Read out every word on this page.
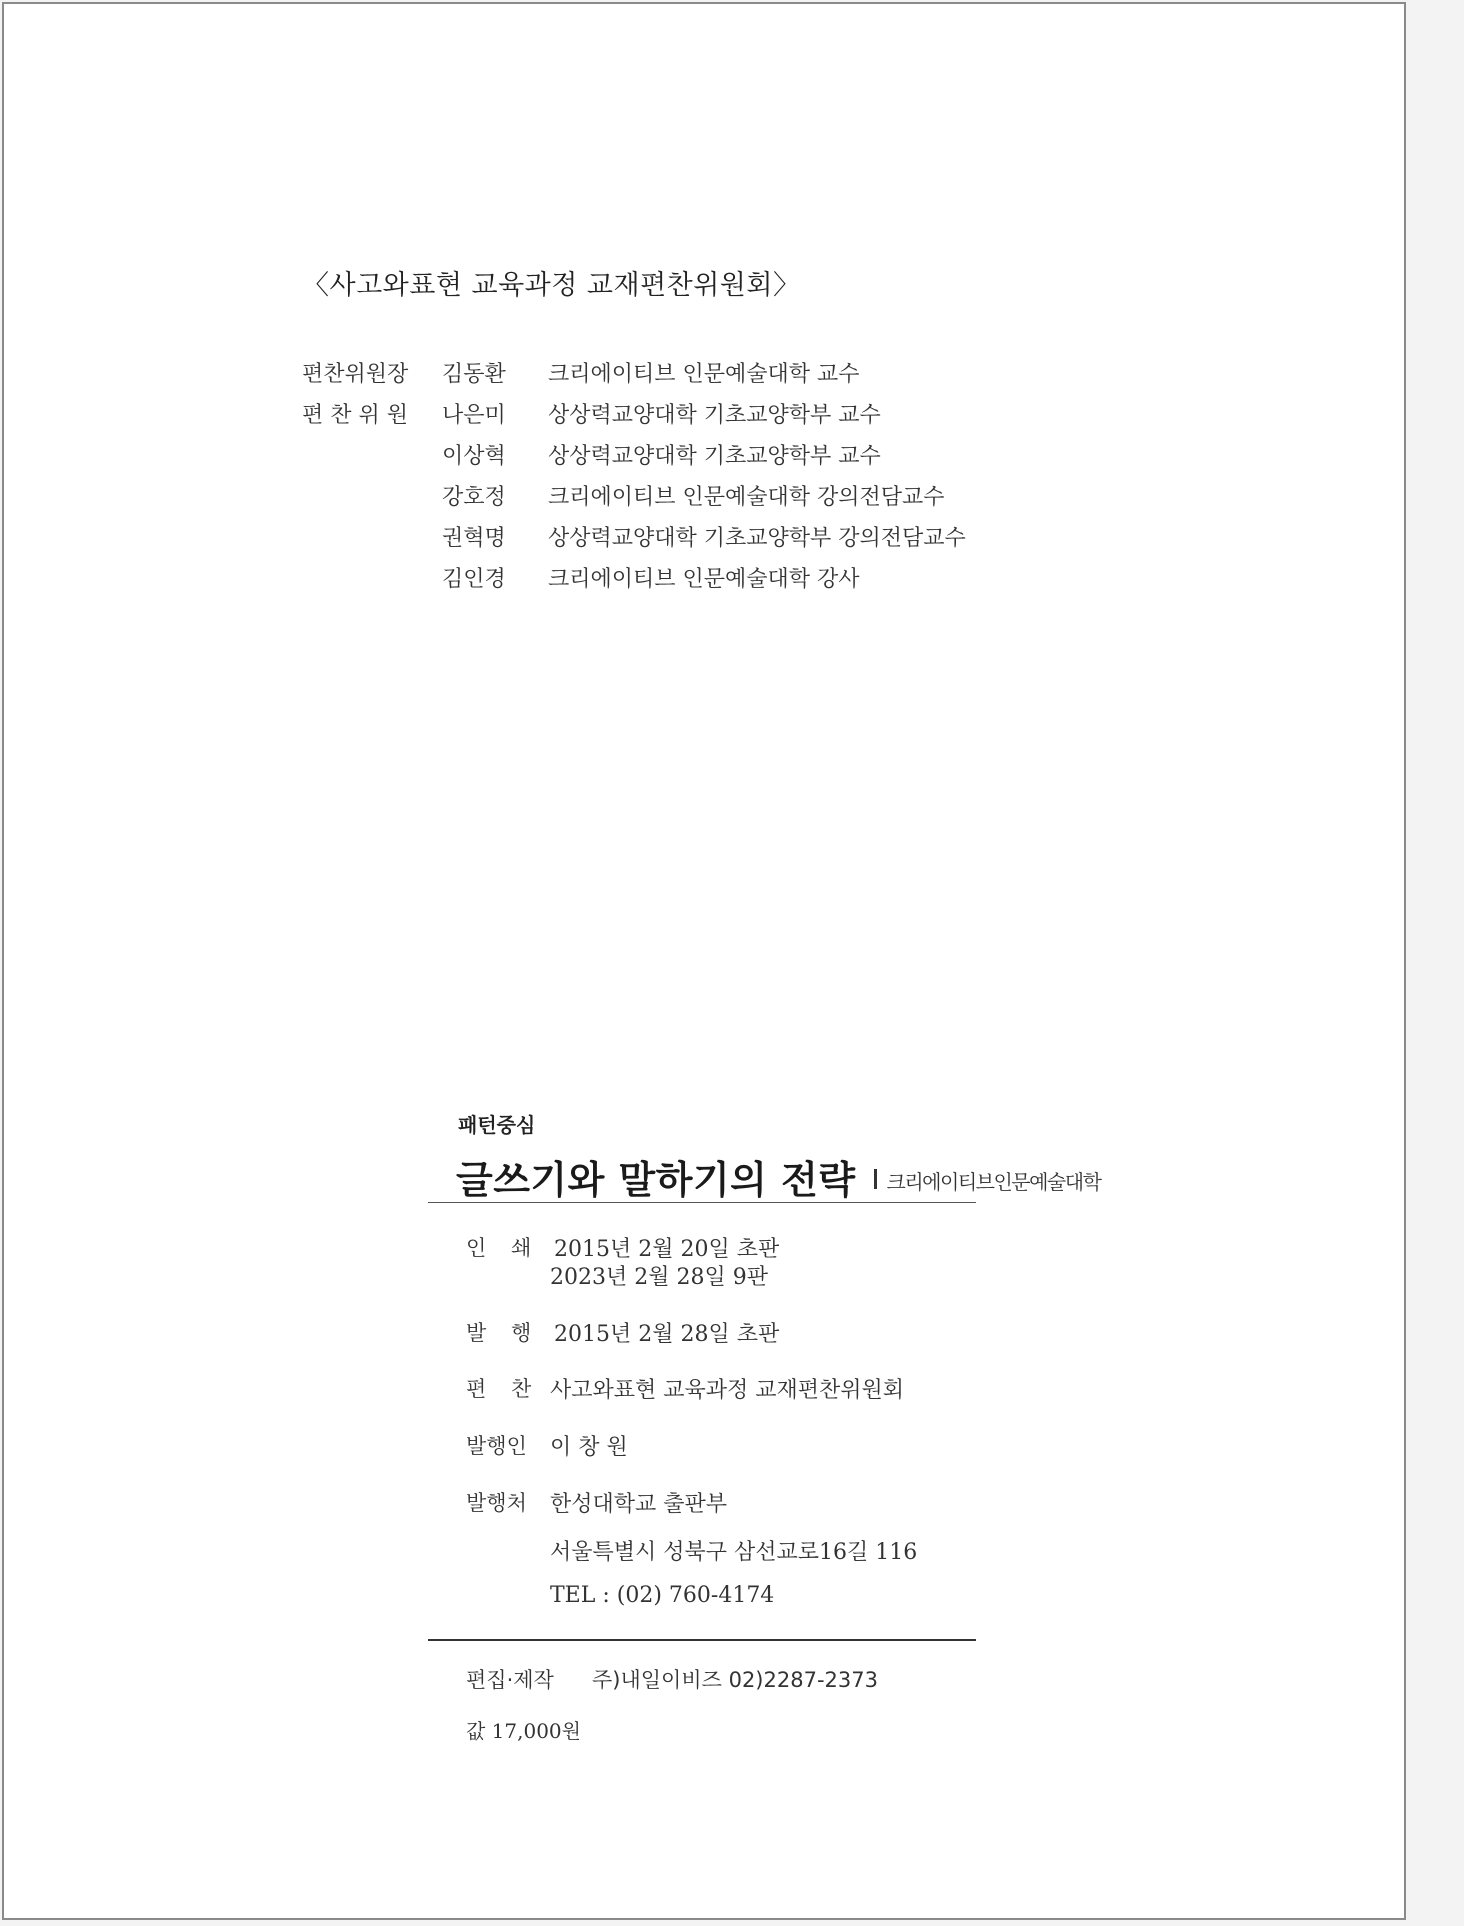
〈사고와표현 교육과정 교재편찬위원회〉
편찬위원장 김동환 크리에이티브 인문예술대학 교수
편 찬 위 원 나은미 상상력교양대학 기초교양학부 교수
이상혁 상상력교양대학 기초교양학부 교수
강호정 크리에이티브 인문예술대학 강의전담교수
권혁명 상상력교양대학 기초교양학부 강의전담교수
김인경 크리에이티브 인문예술대학 강사
패턴중심
글쓰기와 말하기의 전략 크리에이티브인문예술대학
인 쇄 2015년 2월 20일 초판
2023년 2월 28일 9판
발 행 2015년 2월 28일 초판
편 찬 사고와표현 교육과정 교재편찬위원회
발행인 이 창 원
발행처 한성대학교 출판부
서울특별시 성북구 삼선교로16길 116
TEL : (02) 760-4174
편집·제작 주)내일이비즈 02)2287-2373
값 17,000원
